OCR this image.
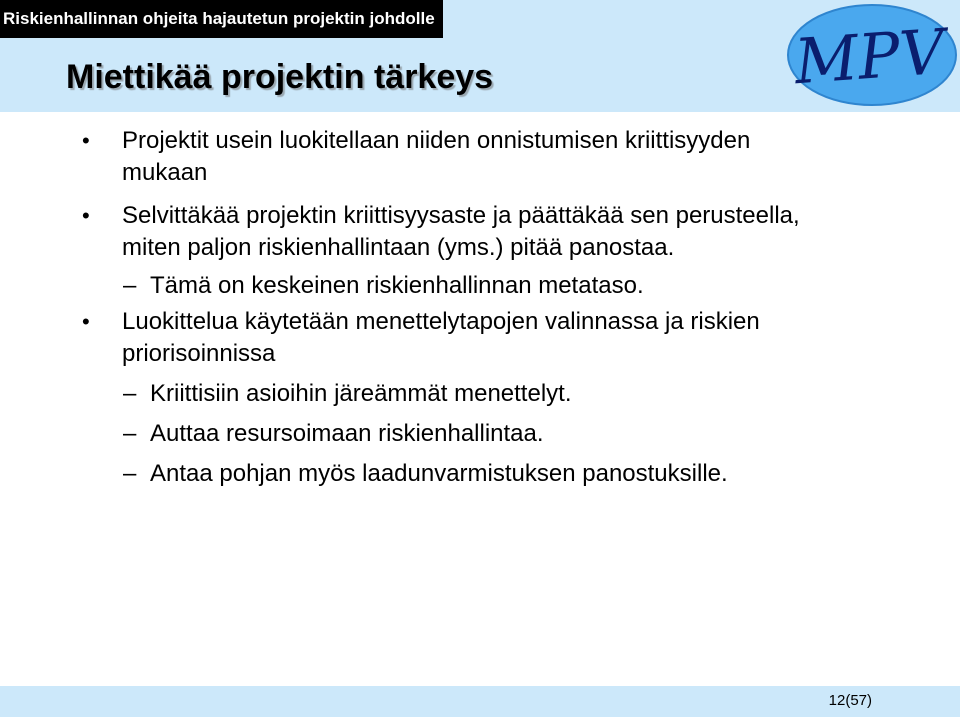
Riskienhallinnan ohjeita hajautetun projektin johdolle
Miettikää projektin tärkeys	MPV
• Projektit usein luokitellaan niiden onnistumisen kriittisyyden
mukaan
• Selvittäkää projektin kriittisyysaste ja päättäkää sen perusteella,
miten paljon riskienhallintaan (yms.) pitää panostaa.
– Tämä on keskeinen riskienhallinnan metataso.
• Luokittelua käytetään menettelytapojen valinnassa ja riskien
priorisoinnissa
– Kriittisiin asioihin järeämmät menettelyt.
– Auttaa resursoimaan riskienhallintaa.
– Antaa pohjan myös laadunvarmistuksen panostuksille.
12(57)
